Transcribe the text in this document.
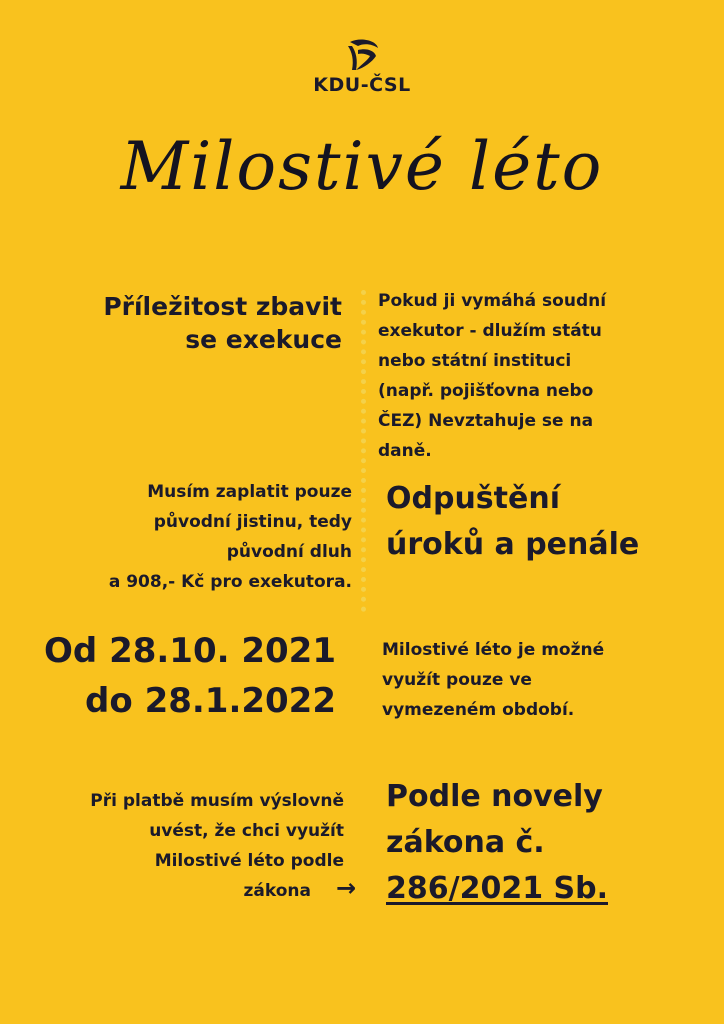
KDU-ČSL
Milostivé léto
Příležitost zbavit
se exekuce
Pokud ji vymáhá soudní
exekutor - dlužím státu
nebo státní instituci
(např. pojišťovna nebo
ČEZ) Nevztahuje se na
daně.
Musím zaplatit pouze
původní jistinu, tedy
původní dluh
a 908,- Kč pro exekutora.
Odpuštění
úroků a penále
Od 28.10. 2021
do 28.1.2022
Milostivé léto je možné
využít pouze ve
vymezeném období.
Při platbě musím výslovně
uvést, že chci využít
Milostivé léto podle
zákona →
Podle novely
zákona č.
286/2021 Sb.
